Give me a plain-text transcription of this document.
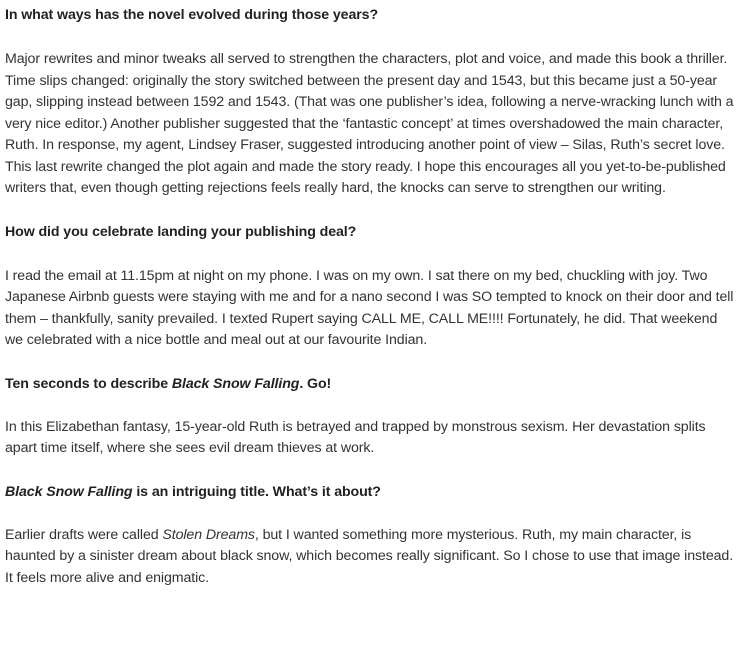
In what ways has the novel evolved during those years?

Major rewrites and minor tweaks all served to strengthen the characters, plot and voice, and made this book a thriller. Time slips changed: originally the story switched between the present day and 1543, but this became just a 50-year gap, slipping instead between 1592 and 1543. (That was one publisher’s idea, following a nerve-wracking lunch with a very nice editor.) Another publisher suggested that the ‘fantastic concept’ at times overshadowed the main character, Ruth. In response, my agent, Lindsey Fraser, suggested introducing another point of view – Silas, Ruth’s secret love. This last rewrite changed the plot again and made the story ready. I hope this encourages all you yet-to-be-published writers that, even though getting rejections feels really hard, the knocks can serve to strengthen our writing.

How did you celebrate landing your publishing deal?

I read the email at 11.15pm at night on my phone. I was on my own. I sat there on my bed, chuckling with joy. Two Japanese Airbnb guests were staying with me and for a nano second I was SO tempted to knock on their door and tell them – thankfully, sanity prevailed. I texted Rupert saying CALL ME, CALL ME!!!! Fortunately, he did. That weekend we celebrated with a nice bottle and meal out at our favourite Indian.

Ten seconds to describe Black Snow Falling. Go!

In this Elizabethan fantasy, 15-year-old Ruth is betrayed and trapped by monstrous sexism. Her devastation splits apart time itself, where she sees evil dream thieves at work.

Black Snow Falling is an intriguing title. What’s it about?

Earlier drafts were called Stolen Dreams, but I wanted something more mysterious. Ruth, my main character, is haunted by a sinister dream about black snow, which becomes really significant. So I chose to use that image instead. It feels more alive and enigmatic.
